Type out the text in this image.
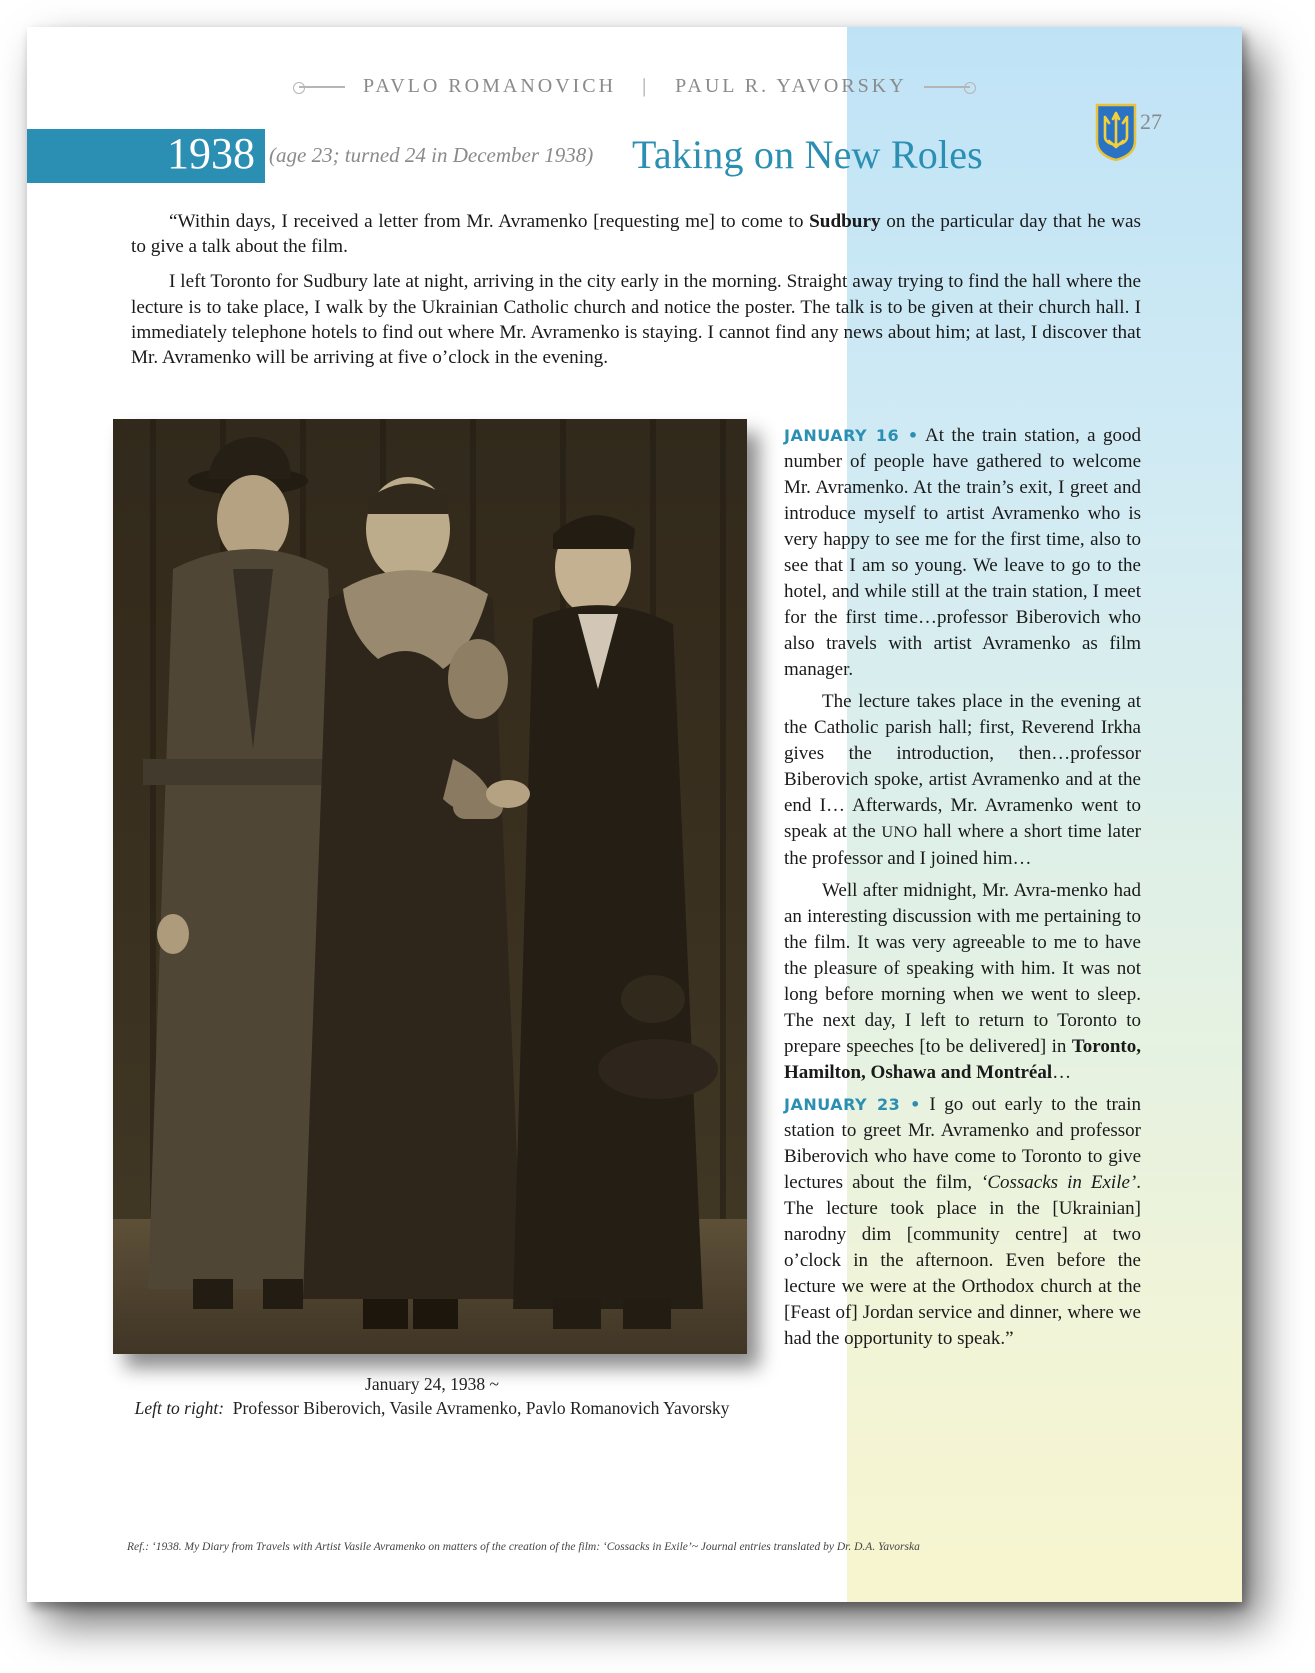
PAVLO ROMANOVICH | PAUL R. YAVORSKY
27
1938 (age 23; turned 24 in December 1938) Taking on New Roles

“Within days, I received a letter from Mr. Avramenko [requesting me] to come to Sudbury on the particular day that he was to give a talk about the film.

I left Toronto for Sudbury late at night, arriving in the city early in the morning. Straight away trying to find the hall where the lecture is to take place, I walk by the Ukrainian Catholic church and notice the poster. The talk is to be given at their church hall. I immediately telephone hotels to find out where Mr. Avramenko is staying. I cannot find any news about him; at last, I discover that Mr. Avramenko will be arriving at five o’clock in the evening.

January 24, 1938 ~
Left to right: Professor Biberovich, Vasile Avramenko, Pavlo Romanovich Yavorsky

JANUARY 16 • At the train station, a good number of people have gathered to welcome Mr. Avramenko. At the train’s exit, I greet and introduce myself to artist Avramenko who is very happy to see me for the first time, also to see that I am so young. We leave to go to the hotel, and while still at the train station, I meet for the first time…professor Biberovich who also travels with artist Avramenko as film manager.

The lecture takes place in the evening at the Catholic parish hall; first, Reverend Irkha gives the introduction, then…professor Biberovich spoke, artist Avramenko and at the end I… Afterwards, Mr. Avramenko went to speak at the UNO hall where a short time later the professor and I joined him…

Well after midnight, Mr. Avra-menko had an interesting discussion with me pertaining to the film. It was very agreeable to me to have the pleasure of speaking with him. It was not long before morning when we went to sleep. The next day, I left to return to Toronto to prepare speeches [to be delivered] in Toronto, Hamilton, Oshawa and Montréal…

JANUARY 23 • I go out early to the train station to greet Mr. Avramenko and professor Biberovich who have come to Toronto to give lectures about the film, ‘Cossacks in Exile’. The lecture took place in the [Ukrainian] narodny dim [community centre] at two o’clock in the afternoon. Even before the lecture we were at the Orthodox church at the [Feast of] Jordan service and dinner, where we had the opportunity to speak.”

Ref.: ‘1938. My Diary from Travels with Artist Vasile Avramenko on matters of the creation of the film: ‘Cossacks in Exile’~ Journal entries translated by Dr. D.A. Yavorska
